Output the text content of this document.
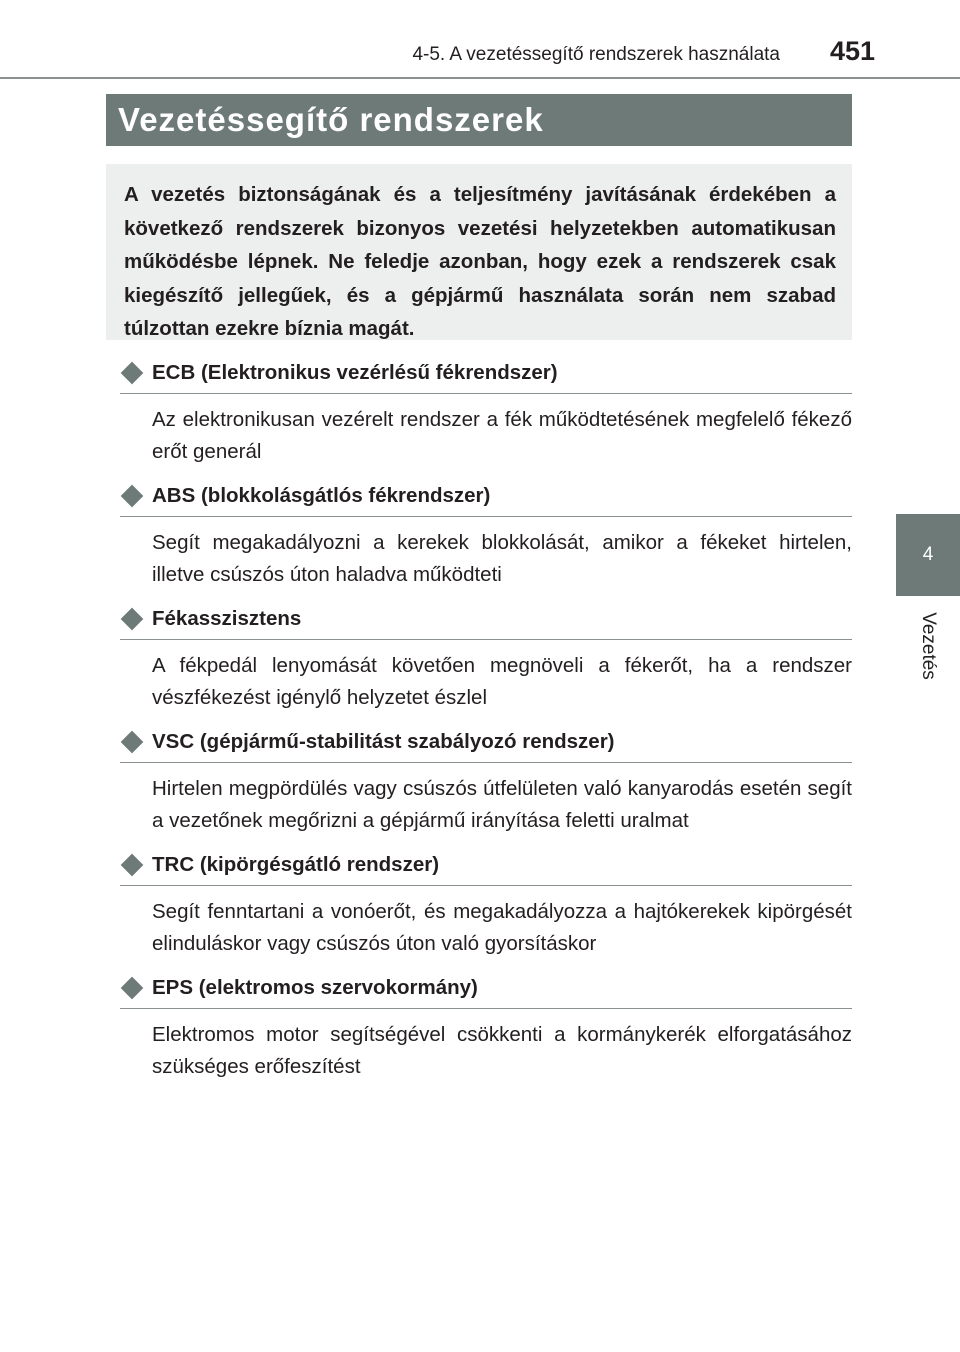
4-5. A vezetéssegítő rendszerek használata 451
4
Vezetés
Vezetéssegítő rendszerek
A vezetés biztonságának és a teljesítmény javításának érdekében a következő rendszerek bizonyos vezetési helyzetekben automatikusan működésbe lépnek. Ne feledje azonban, hogy ezek a rendszerek csak kiegészítő jellegűek, és a gépjármű használata során nem szabad túlzottan ezekre bíznia magát.
ECB (Elektronikus vezérlésű fékrendszer)
Az elektronikusan vezérelt rendszer a fék működtetésének megfelelő fékező erőt generál
ABS (blokkolásgátlós fékrendszer)
Segít megakadályozni a kerekek blokkolását, amikor a fékeket hirtelen, illetve csúszós úton haladva működteti
Fékasszisztens
A fékpedál lenyomását követően megnöveli a fékerőt, ha a rendszer vészfékezést igénylő helyzetet észlel
VSC (gépjármű-stabilitást szabályozó rendszer)
Hirtelen megpördülés vagy csúszós útfelületen való kanyarodás esetén segít a vezetőnek megőrizni a gépjármű irányítása feletti uralmat
TRC (kipörgésgátló rendszer)
Segít fenntartani a vonóerőt, és megakadályozza a hajtókerekek kipörgését elinduláskor vagy csúszós úton való gyorsításkor
EPS (elektromos szervokormány)
Elektromos motor segítségével csökkenti a kormánykerék elforgatásához szükséges erőfeszítést
